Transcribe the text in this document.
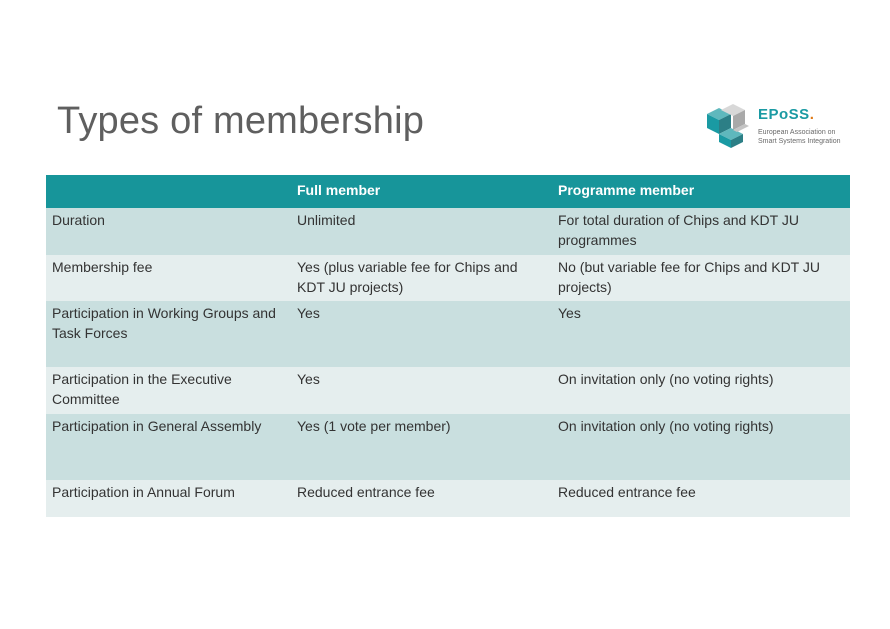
Types of membership	EPoSS.
European Association on
Smart Systems Integration
	Full member	Programme member
Duration	Unlimited	For total duration of Chips and KDT JU programmes
Membership fee	Yes (plus variable fee for Chips and KDT JU projects)	No (but variable fee for Chips and KDT JU projects)
Participation in Working Groups and Task Forces	Yes	Yes
Participation in the Executive Committee	Yes	On invitation only (no voting rights)
Participation in General Assembly	Yes (1 vote per member)	On invitation only (no voting rights)
Participation in Annual Forum	Reduced entrance fee	Reduced entrance fee
